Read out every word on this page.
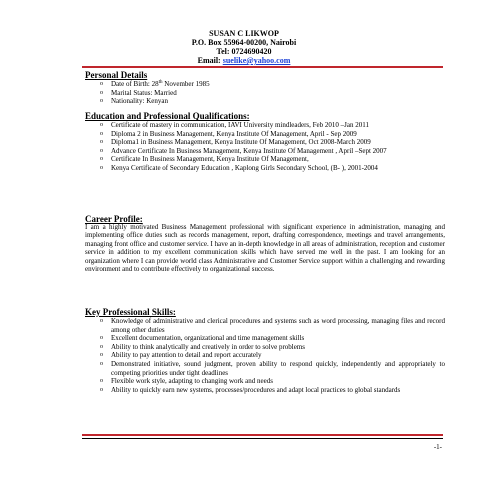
SUSAN C LIKWOP
P.O. Box 55964-00200, Nairobi
Tel: 0724690420
Email: suelike@yahoo.com
Personal Details
o Date of Birth: 28th November 1985
o Marital Status: Married
o Nationality: Kenyan
Education and Professional Qualifications:
o Certificate of mastery in communication, IAVI University mindleaders, Feb 2010 –Jan 2011
o Diploma 2 in Business Management, Kenya Institute Of Management, April - Sep 2009
o Diploma1 in Business Management, Kenya Institute Of Management, Oct 2008-March 2009
o Advance Certificate In Business Management, Kenya Institute Of Management , April –Sept 2007
o Certificate In Business Management, Kenya Institute Of Management,
o Kenya Certificate of Secondary Education , Kaplong Girls Secondary School, (B- ), 2001-2004
Career Profile:

I am a highly motivated Business Management professional with significant experience in administration, managing and implementing office duties such as records management, report, drafting correspondence, meetings and travel arrangements, managing front office and customer service. I have an in-depth knowledge in all areas of administration, reception and customer service in addition to my excellent communication skills which have served me well in the past. I am looking for an organization where I can provide world class Administrative and Customer Service support within a challenging and rewarding environment and to contribute effectively to organizational success.

Key Professional Skills:
o Knowledge of administrative and clerical procedures and systems such as word processing, managing files and record among other duties
o Excellent documentation, organizational and time management skills
o Ability to think analytically and creatively in order to solve problems
o Ability to pay attention to detail and report accurately
o Demonstrated initiative, sound judgment, proven ability to respond quickly, independently and appropriately to competing priorities under tight deadlines
o Flexible work style, adapting to changing work and needs
o Ability to quickly earn new systems, processes/procedures and adapt local practices to global standards
-1-
